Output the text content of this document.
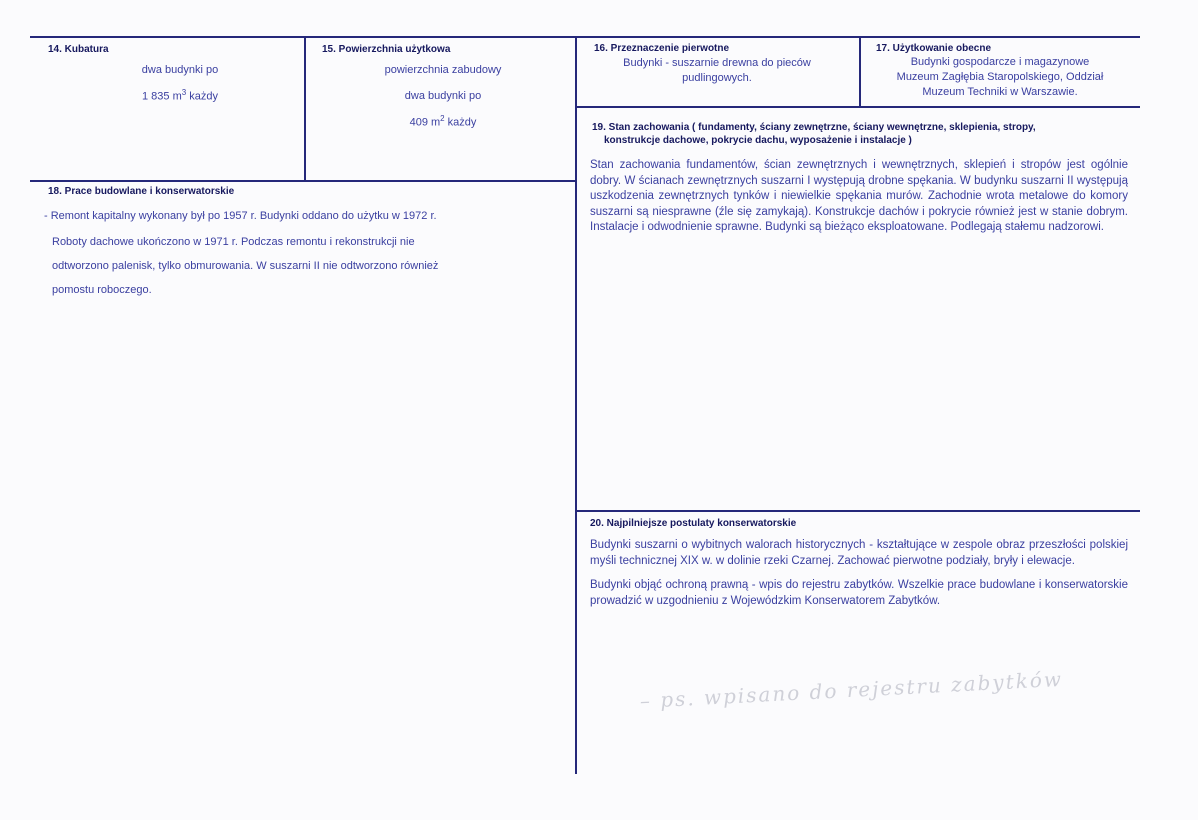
14. Kubatura
dwa budynki po
1 835 $m^3$ każdy
15. Powierzchnia użytkowa
powierzchnia zabudowy
dwa budynki po
409 $m^2$ każdy
16. Przeznaczenie pierwotne
Budynki - suszarnie drewna do pieców pudlingowych.
17. Użytkowanie obecne
Budynki gospodarcze i magazynowe
Muzeum Zagłębia Staropolskiego, Oddział
Muzeum Techniki w Warszawie.
18. Prace budowlane i konserwatorskie
- Remont kapitalny wykonany był po 1957 r. Budynki oddano do użytku w 1972 r.
Roboty dachowe ukończono w 1971 r. Podczas remontu i rekonstrukcji nie
odtworzono palenisk, tylko obmurowania. W suszarni II nie odtworzono również
pomostu roboczego.
19. Stan zachowania ( fundamenty, ściany zewnętrzne, ściany wewnętrzne, sklepienia, stropy,
konstrukcje dachowe, pokrycie dachu, wyposażenie i instalacje )

Stan zachowania fundamentów, ścian zewnętrznych i wewnętrznych, sklepień i stropów jest ogólnie dobry. W ścianach zewnętrznych suszarni I występują drobne spękania. W budynku suszarni II występują uszkodzenia zewnętrznych tynków i niewielkie spękania murów. Zachodnie wrota metalowe do komory suszarni są niesprawne (źle się zamykają). Konstrukcje dachów i pokrycie również jest w stanie dobrym. Instalacje i odwodnienie sprawne. Budynki są bieżąco eksploatowane. Podlegają stałemu nadzorowi.

20. Najpilniejsze postulaty konserwatorskie

Budynki suszarni o wybitnych walorach historycznych - kształtujące w zespole obraz przeszłości polskiej myśli technicznej XIX w. w dolinie rzeki Czarnej. Zachować pierwotne podziały, bryły i elewacje.

Budynki objąć ochroną prawną - wpis do rejestru zabytków. Wszelkie prace budowlane i konserwatorskie prowadzić w uzgodnieniu z Wojewódzkim Konserwatorem Zabytków.

– ps. wpisano do rejestru zabytków
